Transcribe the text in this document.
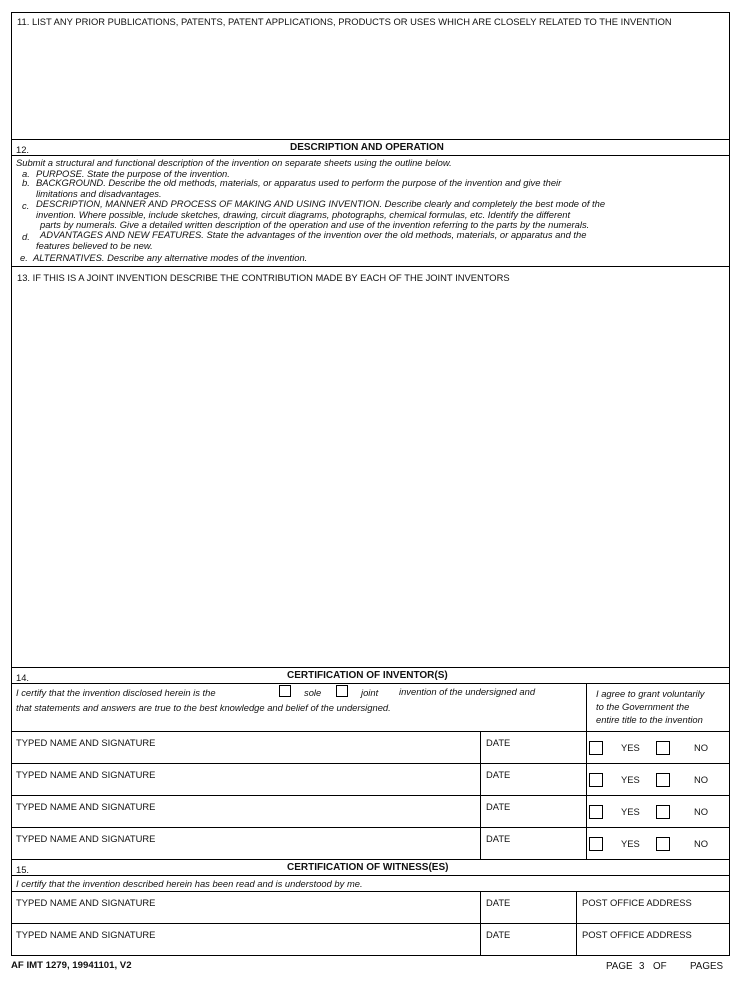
11. LIST ANY PRIOR PUBLICATIONS, PATENTS, PATENT APPLICATIONS, PRODUCTS OR USES WHICH ARE CLOSELY RELATED TO THE INVENTION
12.	DESCRIPTION AND OPERATION
Submit a structural and functional description of the invention on separate sheets using the outline below.
a. PURPOSE. State the purpose of the invention.
b. BACKGROUND. Describe the old methods, materials, or apparatus used to perform the purpose of the invention and give their
limitations and disadvantages.
c. DESCRIPTION, MANNER AND PROCESS OF MAKING AND USING INVENTION. Describe clearly and completely the best mode of the
invention. Where possible, include sketches, drawing, circuit diagrams, photographs, chemical formulas, etc. Identify the different
parts by numerals. Give a detailed written description of the operation and use of the invention referring to the parts by the numerals.
d. ADVANTAGES AND NEW FEATURES. State the advantages of the invention over the old methods, materials, or apparatus and the
features believed to be new.
e. ALTERNATIVES. Describe any alternative modes of the invention.
13. IF THIS IS A JOINT INVENTION DESCRIBE THE CONTRIBUTION MADE BY EACH OF THE JOINT INVENTORS
14.	CERTIFICATION OF INVENTOR(S)
I certify that the invention disclosed herein is the	sole	joint invention of the undersigned and
that statements and answers are true to the best knowledge and belief of the undersigned.
I agree to grant voluntarily
to the Government the
entire title to the invention
TYPED NAME AND SIGNATURE	DATE	YES	NO
TYPED NAME AND SIGNATURE	DATE	YES	NO
TYPED NAME AND SIGNATURE	DATE	YES	NO
TYPED NAME AND SIGNATURE	DATE	YES	NO
15.	CERTIFICATION OF WITNESS(ES)
I certify that the invention described herein has been read and is understood by me.
TYPED NAME AND SIGNATURE	DATE	POST OFFICE ADDRESS
TYPED NAME AND SIGNATURE	DATE	POST OFFICE ADDRESS
AF IMT 1279, 19941101, V2	PAGE 3 OF PAGES
